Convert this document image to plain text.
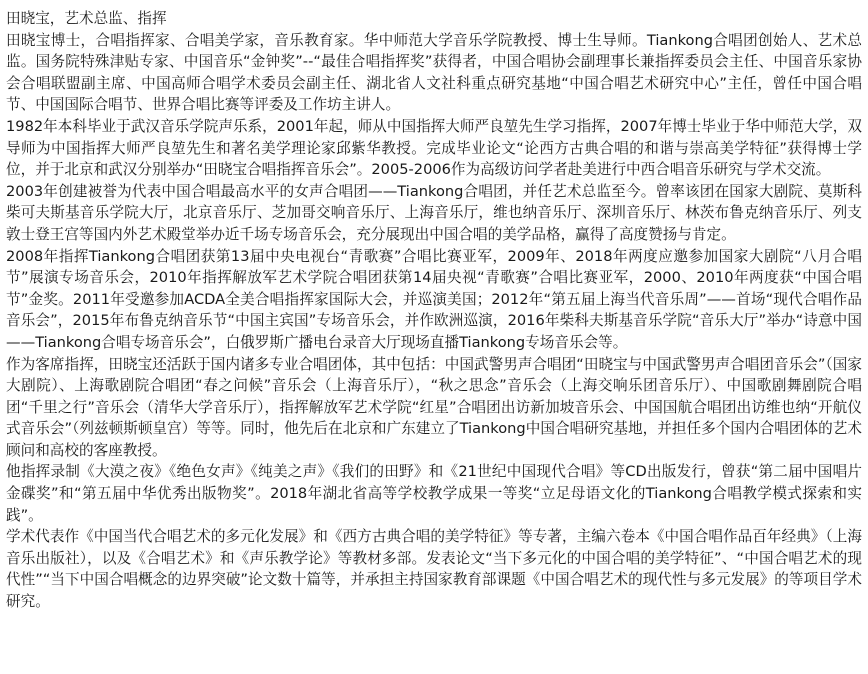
田晓宝，艺术总监、指挥

田晓宝博士，合唱指挥家、合唱美学家，音乐教育家。华中师范大学音乐学院教授、博士生导师。Tiankong合唱团创始人、艺术总监。国务院特殊津贴专家、中国音乐“金钟奖”--“最佳合唱指挥奖”获得者，中国合唱协会副理事长兼指挥委员会主任、中国音乐家协会合唱联盟副主席、中国高师合唱学术委员会副主任、湖北省人文社科重点研究基地“中国合唱艺术研究中心”主任，曾任中国合唱节、中国国际合唱节、世界合唱比赛等评委及工作坊主讲人。

1982年本科毕业于武汉音乐学院声乐系，2001年起，师从中国指挥大师严良堃先生学习指挥，2007年博士毕业于华中师范大学，双导师为中国指挥大师严良堃先生和著名美学理论家邱紫华教授。完成毕业论文“论西方古典合唱的和谐与崇高美学特征”获得博士学位，并于北京和武汉分别举办“田晓宝合唱指挥音乐会”。2005-2006作为高级访问学者赴美进行中西合唱音乐研究与学术交流。

2003年创建被誉为代表中国合唱最高水平的女声合唱团——Tiankong合唱团，并任艺术总监至今。曾率该团在国家大剧院、莫斯科柴可夫斯基音乐学院大厅，北京音乐厅、芝加哥交响音乐厅、上海音乐厅，维也纳音乐厅、深圳音乐厅、林茨布鲁克纳音乐厅、列支敦士登王宫等国内外艺术殿堂举办近千场专场音乐会，充分展现出中国合唱的美学品格，赢得了高度赞扬与肯定。

2008年指挥Tiankong合唱团获第13届中央电视台“青歌赛”合唱比赛亚军，2009年、2018年两度应邀参加国家大剧院“八月合唱节”展演专场音乐会，2010年指挥解放军艺术学院合唱团获第14届央视“青歌赛”合唱比赛亚军，2000、2010年两度获“中国合唱节”金奖。2011年受邀参加ACDA全美合唱指挥家国际大会，并巡演美国；2012年“第五届上海当代音乐周”——首场“现代合唱作品音乐会”，2015年布鲁克纳音乐节“中国主宾国”专场音乐会，并作欧洲巡演，2016年柴科夫斯基音乐学院“音乐大厅”举办“诗意中国——Tiankong合唱专场音乐会”，白俄罗斯广播电台录音大厅现场直播Tiankong专场音乐会等。

作为客席指挥，田晓宝还活跃于国内诸多专业合唱团体，其中包括：中国武警男声合唱团“田晓宝与中国武警男声合唱团音乐会”（国家大剧院）、上海歌剧院合唱团“春之问候”音乐会（上海音乐厅），“秋之思念”音乐会（上海交响乐团音乐厅）、中国歌剧舞剧院合唱团“千里之行”音乐会（清华大学音乐厅），指挥解放军艺术学院“红星”合唱团出访新加坡音乐会、中国国航合唱团出访维也纳“开航仪式音乐会”（列兹顿斯顿皇宫）等等。同时，他先后在北京和广东建立了Tiankong中国合唱研究基地，并担任多个国内合唱团体的艺术顾问和高校的客座教授。

他指挥录制《大漠之夜》《绝色女声》《纯美之声》《我们的田野》和《21世纪中国现代合唱》等CD出版发行，曾获“第二届中国唱片金碟奖”和“第五届中华优秀出版物奖”。2018年湖北省高等学校教学成果一等奖“立足母语文化的Tiankong合唱教学模式探索和实践”。

学术代表作《中国当代合唱艺术的多元化发展》和《西方古典合唱的美学特征》等专著，主编六卷本《中国合唱作品百年经典》（上海音乐出版社），以及《合唱艺术》和《声乐教学论》等教材多部。发表论文“当下多元化的中国合唱的美学特征”、“中国合唱艺术的现代性”“当下中国合唱概念的边界突破”论文数十篇等，并承担主持国家教育部课题《中国合唱艺术的现代性与多元发展》的等项目学术研究。
